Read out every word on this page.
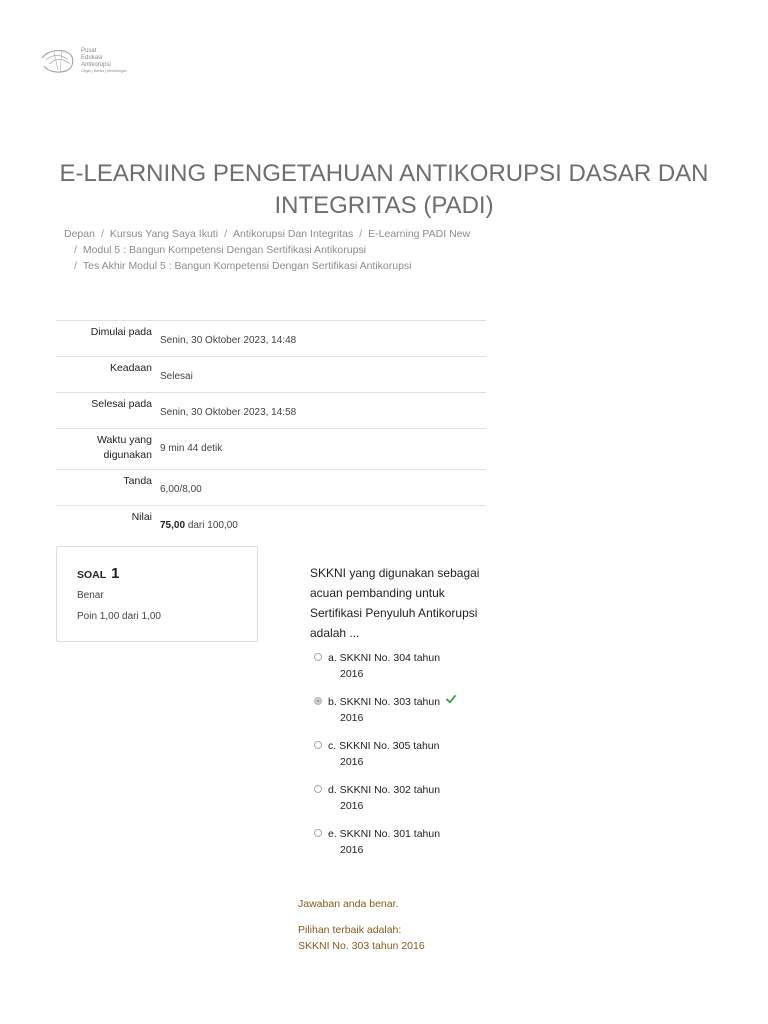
Pusat
Edukasi
Antikorupsi
Cegah | Berani | Membangun
E-LEARNING PENGETAHUAN ANTIKORUPSI DASAR DAN INTEGRITAS (PADI)
Depan / Kursus Yang Saya Ikuti / Antikorupsi Dan Integritas / E-Learning PADI New
/ Modul 5 : Bangun Kompetensi Dengan Sertifikasi Antikorupsi
/ Tes Akhir Modul 5 : Bangun Kompetensi Dengan Sertifikasi Antikorupsi
Dimulai pada	Senin, 30 Oktober 2023, 14:48
Keadaan	Selesai
Selesai pada	Senin, 30 Oktober 2023, 14:58
Waktu yang
digunakan	9 min 44 detik
Tanda	6,00/8,00
Nilai	75,00 dari 100,00
SOAL 1
Benar
Poin 1,00 dari 1,00
SKKNI yang digunakan sebagai acuan pembanding untuk Sertifikasi Penyuluh Antikorupsi adalah ...
a. SKKNI No. 304 tahun
2016
b. SKKNI No. 303 tahun
2016
c. SKKNI No. 305 tahun
2016
d. SKKNI No. 302 tahun
2016
e. SKKNI No. 301 tahun
2016
Jawaban anda benar.
Pilihan terbaik adalah:
SKKNI No. 303 tahun 2016
